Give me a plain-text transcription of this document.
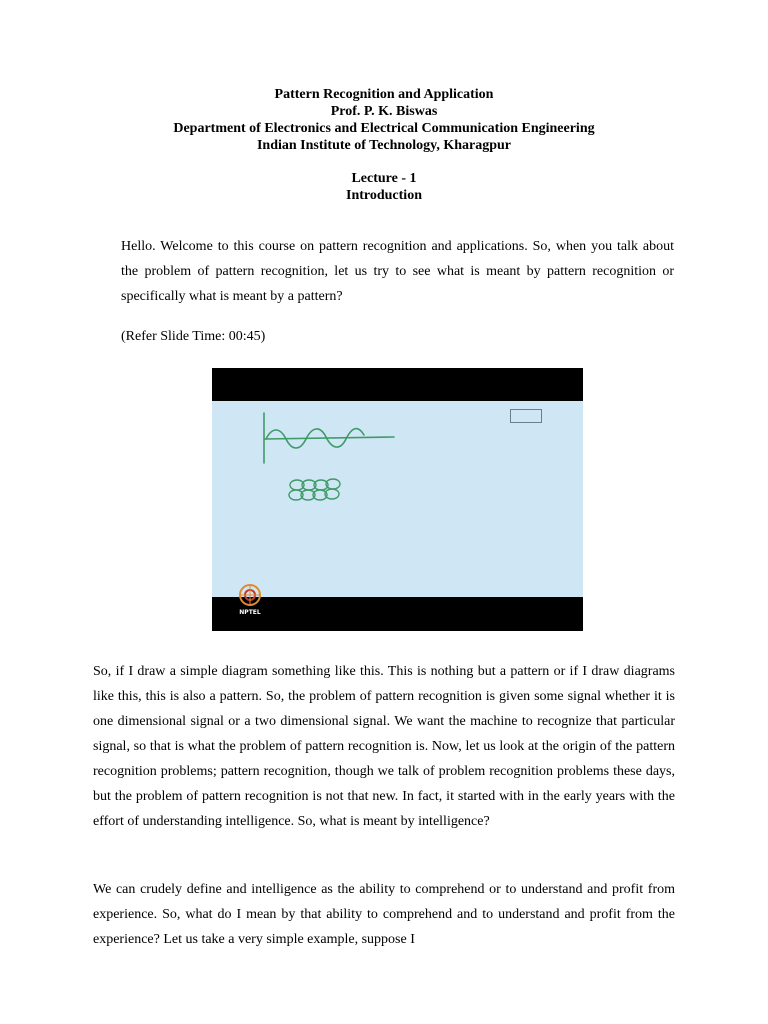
Pattern Recognition and Application
Prof. P. K. Biswas
Department of Electronics and Electrical Communication Engineering
Indian Institute of Technology, Kharagpur
Lecture - 1
Introduction

Hello. Welcome to this course on pattern recognition and applications. So, when you talk about the problem of pattern recognition, let us try to see what is meant by pattern recognition or specifically what is meant by a pattern?

(Refer Slide Time: 00:45)
NPTEL

So, if I draw a simple diagram something like this. This is nothing but a pattern or if I draw diagrams like this, this is also a pattern. So, the problem of pattern recognition is given some signal whether it is one dimensional signal or a two dimensional signal. We want the machine to recognize that particular signal, so that is what the problem of pattern recognition is. Now, let us look at the origin of the pattern recognition problems; pattern recognition, though we talk of problem recognition problems these days, but the problem of pattern recognition is not that new. In fact, it started with in the early years with the effort of understanding intelligence. So, what is meant by intelligence?

We can crudely define and intelligence as the ability to comprehend or to understand and profit from experience. So, what do I mean by that ability to comprehend and to understand and profit from the experience? Let us take a very simple example, suppose I
